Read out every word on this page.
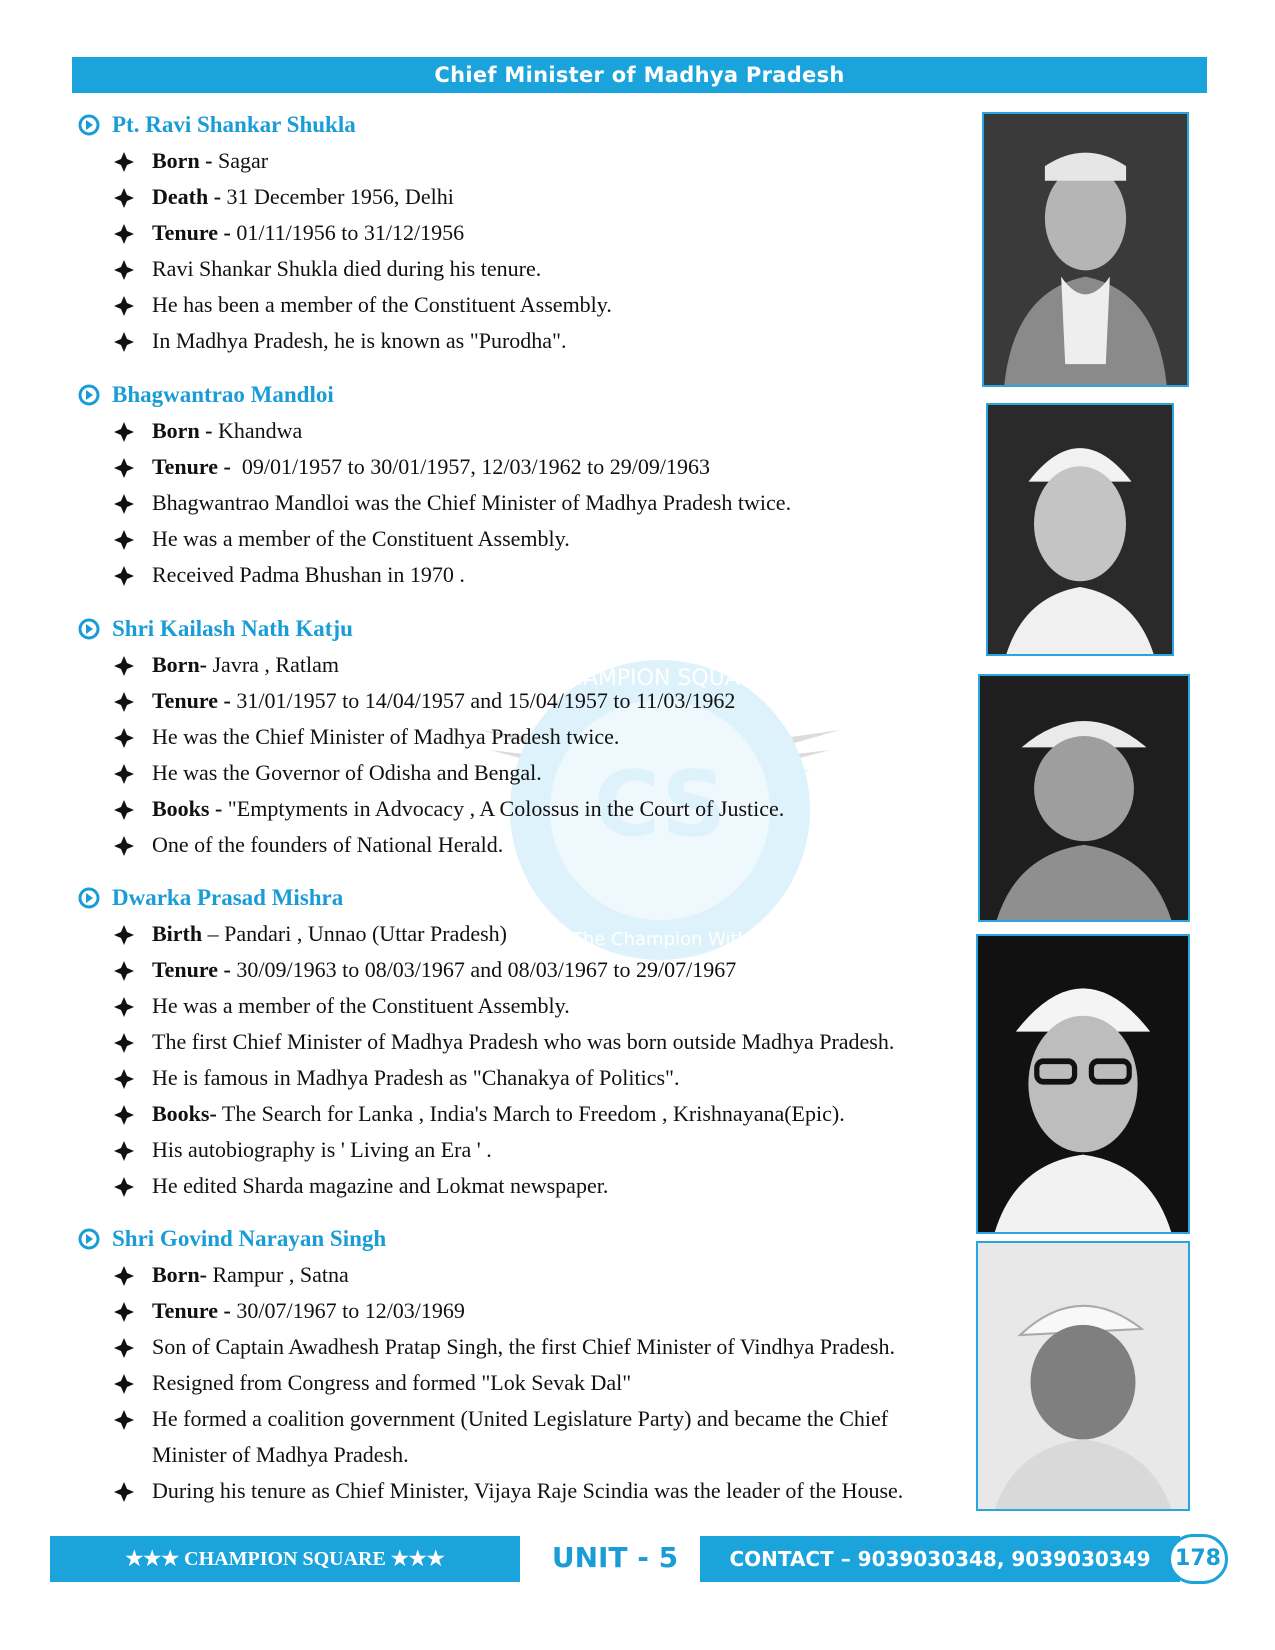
Chief Minister of Madhya Pradesh
CS
CHAMPION SQUARE
Be The Champion With Us
Pt. Ravi Shankar Shukla
Born - Sagar
Death - 31 December 1956, Delhi
Tenure - 01/11/1956 to 31/12/1956
Ravi Shankar Shukla died during his tenure.
He has been a member of the Constituent Assembly.
In Madhya Pradesh, he is known as "Purodha".
Bhagwantrao Mandloi
Born - Khandwa
Tenure -  09/01/1957 to 30/01/1957, 12/03/1962 to 29/09/1963
Bhagwantrao Mandloi was the Chief Minister of Madhya Pradesh twice.
He was a member of the Constituent Assembly.
Received Padma Bhushan in 1970 .
Shri Kailash Nath Katju
Born- Javra , Ratlam
Tenure - 31/01/1957 to 14/04/1957 and 15/04/1957 to 11/03/1962
He was the Chief Minister of Madhya Pradesh twice.
He was the Governor of Odisha and Bengal.
Books - "Emptyments in Advocacy , A Colossus in the Court of Justice.
One of the founders of National Herald.
Dwarka Prasad Mishra
Birth – Pandari , Unnao (Uttar Pradesh)
Tenure - 30/09/1963 to 08/03/1967 and 08/03/1967 to 29/07/1967
He was a member of the Constituent Assembly.
The first Chief Minister of Madhya Pradesh who was born outside Madhya Pradesh.
He is famous in Madhya Pradesh as "Chanakya of Politics".
Books- The Search for Lanka , India's March to Freedom , Krishnayana(Epic).
His autobiography is ' Living an Era ' .
He edited Sharda magazine and Lokmat newspaper.
Shri Govind Narayan Singh
Born- Rampur , Satna
Tenure - 30/07/1967 to 12/03/1969
Son of Captain Awadhesh Pratap Singh, the first Chief Minister of Vindhya Pradesh.
Resigned from Congress and formed "Lok Sevak Dal"
He formed a coalition government (United Legislature Party) and became the Chief
Minister of Madhya Pradesh.
During his tenure as Chief Minister, Vijaya Raje Scindia was the leader of the House.
★★★ CHAMPION SQUARE ★★★	UNIT - 5	CONTACT – 9039030348, 9039030349	178
